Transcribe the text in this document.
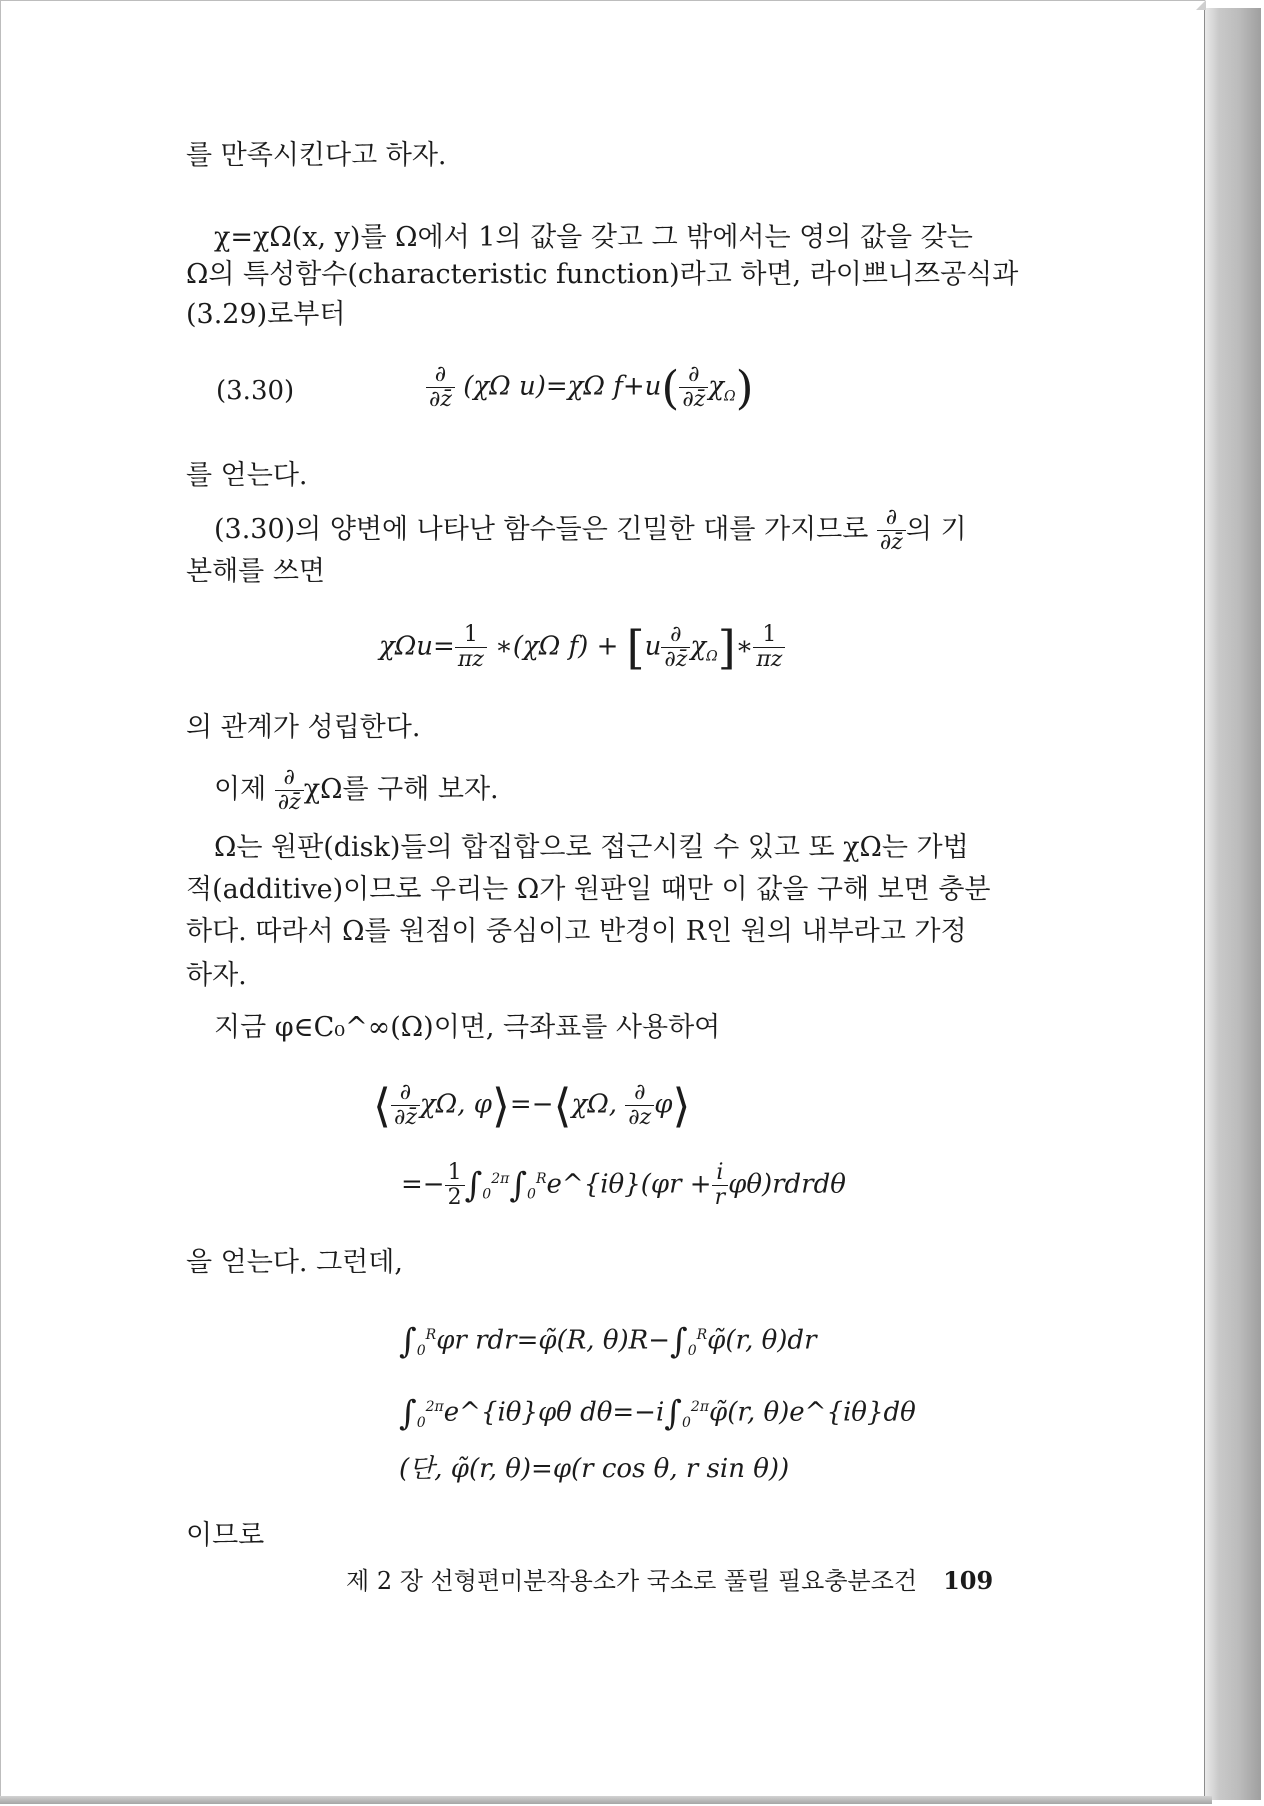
를 만족시킨다고 하자.
χ=χΩ(x, y)를 Ω에서 1의 값을 갖고 그 밖에서는 영의 값을 갖는
Ω의 특성함수(characteristic function)라고 하면, 라이쁘니쯔공식과
(3.29)로부터
(3.30)	$\frac{\partial}{\partial z̄} (\chi\Omega$ u)=χΩ $f+u( \frac{\partial}{\partial z̄} \chi_\Omega)$
를 얻는다.
(3.30)의 양변에 나타난 함수들은 긴밀한 대를 가지므로 $\frac{\partial}{\partial z̄}$ 의 기
본해를 쓰면
$\chi\Omega u= \frac{1}{\pi z}$ ∗(χΩ $f) + [u \frac{\partial}{\partial z̄}$ $\chi_\Omega]∗ \frac{1}{\pi z}$
의 관계가 성립한다.
이제 $\frac{\partial}{\partial z̄}$ χΩ를 구해 보자.
Ω는 원판(disk)들의 합집합으로 접근시킬 수 있고 또 χΩ는 가법
적(additive)이므로 우리는 Ω가 원판일 때만 이 값을 구해 보면 충분
하다. 따라서 Ω를 원점이 중심이고 반경이 R인 원의 내부라고 가정
하자.
지금 φ∈C₀^∞(Ω)이면, 극좌표를 사용하여
⟨ $\frac{\partial}{\partial z̄} \chi\Omega$, φ⟩=−⟨χΩ, $\frac{\partial}{\partial z}$ φ⟩
=− $\frac{1}{2}$ $\int_0^{2\pi}\int_0^Re\^{}\{i\theta\}(\varphi r + \frac{i}{r}$ φθ)rdrdθ
을 얻는다. 그런데,
$\int_0^R\varphi r$ rdr=φ̃(R, $\theta)R-\int_0^R\varphĩ(r$, θ)dr
$\int_0^{2\pi}e\^{}\{i\theta\}\varphi\theta$ $d\theta=-i\int_0^{2\pi}\varphĩ(r$, θ)e^{iθ}dθ
(단, φ̃(r, θ)=φ(r cos θ, r sin θ))
이므로
제 2 장 선형편미분작용소가 국소로 풀릴 필요충분조건 109
